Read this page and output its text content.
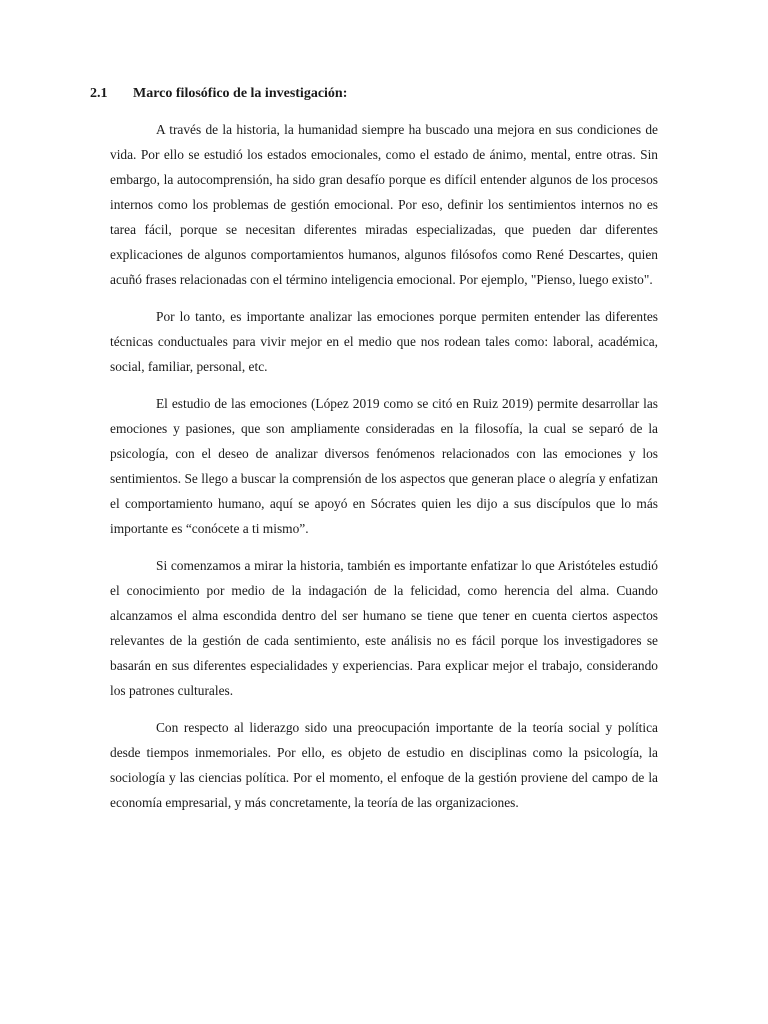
2.1 Marco filosófico de la investigación:

A través de la historia, la humanidad siempre ha buscado una mejora en sus condiciones de vida. Por ello se estudió los estados emocionales, como el estado de ánimo, mental, entre otras. Sin embargo, la autocomprensión, ha sido gran desafío porque es difícil entender algunos de los procesos internos como los problemas de gestión emocional. Por eso, definir los sentimientos internos no es tarea fácil, porque se necesitan diferentes miradas especializadas, que pueden dar diferentes explicaciones de algunos comportamientos humanos, algunos filósofos como René Descartes, quien acuñó frases relacionadas con el término inteligencia emocional. Por ejemplo, "Pienso, luego existo".

Por lo tanto, es importante analizar las emociones porque permiten entender las diferentes técnicas conductuales para vivir mejor en el medio que nos rodean tales como: laboral, académica, social, familiar, personal, etc.

El estudio de las emociones (López 2019 como se citó en Ruiz 2019) permite desarrollar las emociones y pasiones, que son ampliamente consideradas en la filosofía, la cual se separó de la psicología, con el deseo de analizar diversos fenómenos relacionados con las emociones y los sentimientos. Se llego a buscar la comprensión de los aspectos que generan place o alegría y enfatizan el comportamiento humano, aquí se apoyó en Sócrates quien les dijo a sus discípulos que lo más importante es “conócete a ti mismo”.

Si comenzamos a mirar la historia, también es importante enfatizar lo que Aristóteles estudió el conocimiento por medio de la indagación de la felicidad, como herencia del alma. Cuando alcanzamos el alma escondida dentro del ser humano se tiene que tener en cuenta ciertos aspectos relevantes de la gestión de cada sentimiento, este análisis no es fácil porque los investigadores se basarán en sus diferentes especialidades y experiencias. Para explicar mejor el trabajo, considerando los patrones culturales.

Con respecto al liderazgo sido una preocupación importante de la teoría social y política desde tiempos inmemoriales. Por ello, es objeto de estudio en disciplinas como la psicología, la sociología y las ciencias política. Por el momento, el enfoque de la gestión proviene del campo de la economía empresarial, y más concretamente, la teoría de las organizaciones.
